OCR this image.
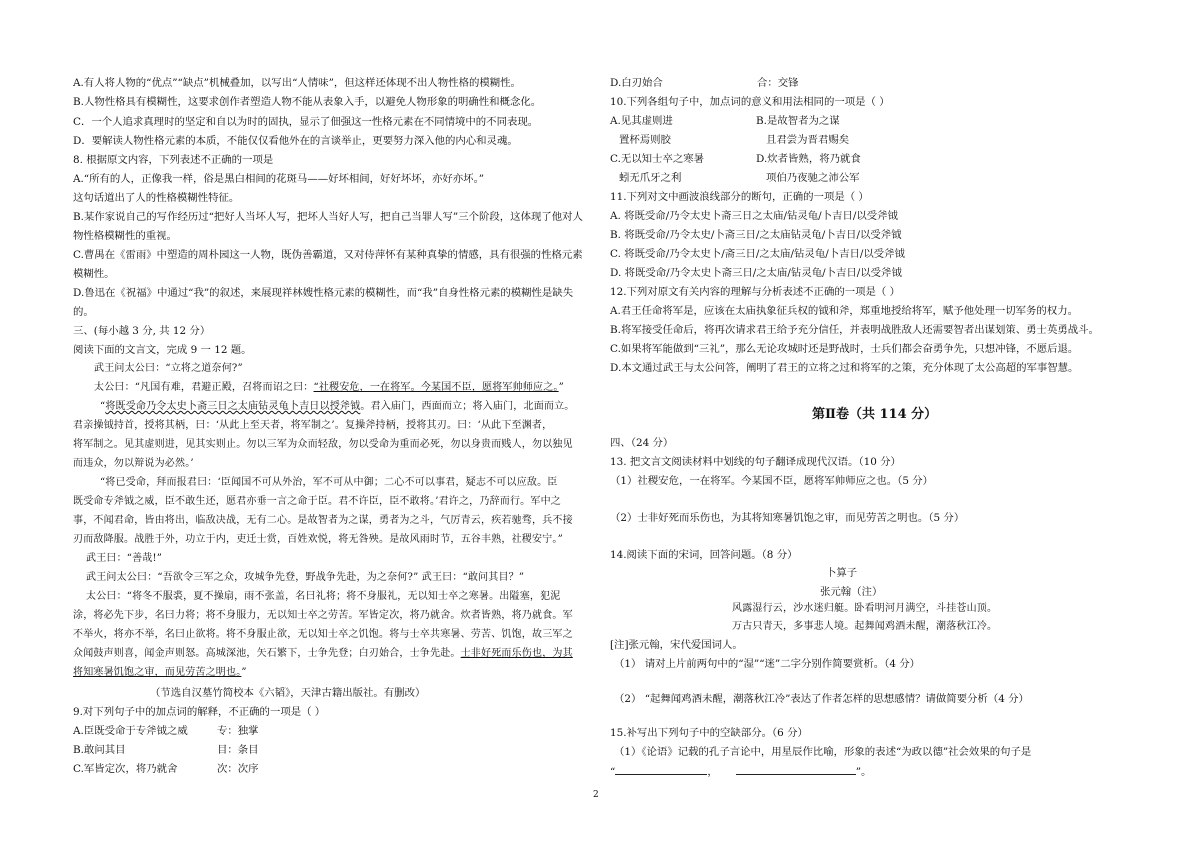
A.有人将人物的“优点”“缺点”机械叠加，以写出“人情味”，但这样还体现不出人物性格的模糊性。
B.人物性格具有模糊性，这要求创作者塑造人物不能从表象入手，以避免人物形象的明确性和概念化。
C．一个人追求真理时的坚定和自以为时的固执，显示了佃强这一性格元素在不同情境中的不同表现。
D．要解读人物性格元素的本质，不能仅仅看他外在的言谈举止，更要努力深入他的内心和灵魂。
8. 根据原文内容，下列表述不正确的一项是
A.“所有的人，正像我一样，俗是黑白相间的花斑马——好坏相间，好好坏坏，亦好亦坏。”
这句话道出了人的性格模糊性特征。
B.某作家说自己的写作经历过“把好人当坏人写，把坏人当好人写，把自己当罪人写”三个阶段，这体现了他对人
物性格模糊性的重视。
C.曹禺在《雷雨》中塑造的周朴园这一人物，既伪善霸道，又对侍萍怀有某种真挚的情感，具有很强的性格元素
模糊性。
D.鲁迅在《祝福》中通过“我”的叙述，来展现祥林嫂性格元素的模糊性，而“我”自身性格元素的模糊性是缺失
的。
三、(每小越 3 分, 共 12 分）
阅读下面的文言文，完成 9 一 12 题。
武王问太公曰：“立将之道奈何?”
太公曰：“凡国有难，君避正殿，召将而诏之曰：“社稷安危，一在将军。今某国不臣，愿将军帅师应之。”
“将既受命乃令太史卜斋三日之太庙钻灵龟卜吉日以授斧钺。君入庙门，西面而立；将入庙门，北面而立。
君亲操钺持首，授将其柄，曰：‘从此上至天者，将军制之’。复操斧持柄，授将其刃。曰：‘从此下至渊者，
将军制之。见其虚则进，见其实则止。勿以三军为众而轻敌，勿以受命为重而必死，勿以身贵而贱人，勿以独见
而违众，勿以辩说为必然。’
“将已受命，拜而报君曰：‘臣闻国不可从外治，军不可从中御；二心不可以事君，疑志不可以应敌。臣
既受命专斧钺之威，臣不敢生还，愿君亦垂一言之命于臣。君不许臣，臣不敢将。’君许之，乃辞而行。军中之
事，不闻君命，皆由将出，临敌决战，无有二心。是故智者为之谋，勇者为之斗，气厉青云，疾若驰骛，兵不接
刃而敌降服。战胜于外，功立于内，吏迁士赏，百姓欢悦，将无咎殃。是故风雨时节，五谷丰熟，社稷安宁。”
武王曰：“善哉!”
武王问太公曰：“吾欲令三军之众，攻城争先登，野战争先赴，为之奈何?” 武王曰：“敢问其目？”
太公曰：“将冬不服裘，夏不操扇，雨不张盖，名曰礼将；将不身服礼，无以知士卒之寒暑。出隘塞，犯泥
涂，将必先下步，名曰力将；将不身服力，无以知士卒之劳苦。军皆定次，将乃就舍。炊者皆熟，将乃就食。军
不举火，将亦不举，名曰止欲将。将不身服止欲，无以知士卒之饥饱。将与士卒共寒暑、劳苦、饥饱，故三军之
众闻鼓声则喜，闻金声则怒。高城深池，矢石繁下，士争先登；白刃始合，士争先赴。士非好死而乐伤也，为其
将知寒暑饥饱之审，而见劳苦之明也。”
（节选自汉墓竹简校本《六韬》，天津古籍出版社。有删改）
9.对下列句子中的加点词的解释，不正确的一项是（ ）
A.臣既受命于专斧钺之威	专：独掌
B.敢问其目	目：条目
C.军皆定次，将乃就舍	次：次序
D.白刃始合	合：交锋
10.下列各组句子中，加点词的意义和用法相同的一项是（ ）
A.见其虚则进	B.是故智者为之谋
置杯焉则胶	且君尝为晋君赐矣
C.无以知士卒之寒暑	D.炊者皆熟，将乃就食
蚓无爪牙之利	项伯乃夜驰之沛公军
11.下列对文中画波浪线部分的断句，正确的一项是（ ）
A. 将既受命/乃令太史卜斋三日之太庙/钻灵龟/卜吉日/以受斧钺
B. 将既受命/乃令太史/卜斋三日/之太庙钻灵龟/卜吉日/以受斧钺
C. 将既受命/乃令太史卜/斋三日/之太庙/钻灵龟/卜吉日/以受斧钺
D. 将既受命/乃令太史卜斋三日/之太庙/钻灵龟/卜吉日/以受斧钺
12.下列对原文有关内容的理解与分析表述不正确的一项是（ ）
A.君王任命将军是，应该在太庙执象征兵权的钺和斧，郑重地授给将军，赋予他处理一切军务的权力。
B.将军接受任命后，将再次请求君王给予充分信任，并表明战胜敌人还需要智者出谋划策、勇士英勇战斗。
C.如果将军能做到“三礼”，那么无论攻城时还是野战时，士兵们都会奋勇争先，只想冲锋，不愿后退。
D.本文通过武王与太公问答，阐明了君王的立将之过和将军的之策，充分体现了太公高超的军事智慧。
第Ⅱ卷（共 114 分）
四、（24 分）
13. 把文言文阅读材料中划线的句子翻译成现代汉语。（10 分）
（1）社稷安危，一在将军。今某国不臣，愿将军帅师应之也。（5 分）
（2）士非好死而乐伤也，为其将知寒暑饥饱之审，而见劳苦之明也。（5 分）
14.阅读下面的宋词，回答问题。（8 分）
卜算子
张元翰（注）
风露湿行云，沙水迷归艇。卧看明河月满空，斗挂苍山顶。
万古只青天，多事悲人境。起舞闻鸡酒未醒，潮落秋江冷。
[注]张元翰，宋代爱国词人。
（1） 请对上片前两句中的“湿”“迷”二字分别作简要赏析。（4 分）
（2） “起舞闻鸡酒未醒，潮落秋江冷”表达了作者怎样的思想感情？请做简要分析（4 分）
15.补写出下列句子中的空缺部分。（6 分）
（1）《论语》记载的孔子言论中，用星辰作比喻，形象的表述“为政以德”社会效果的句子是
“	，	”。
2
